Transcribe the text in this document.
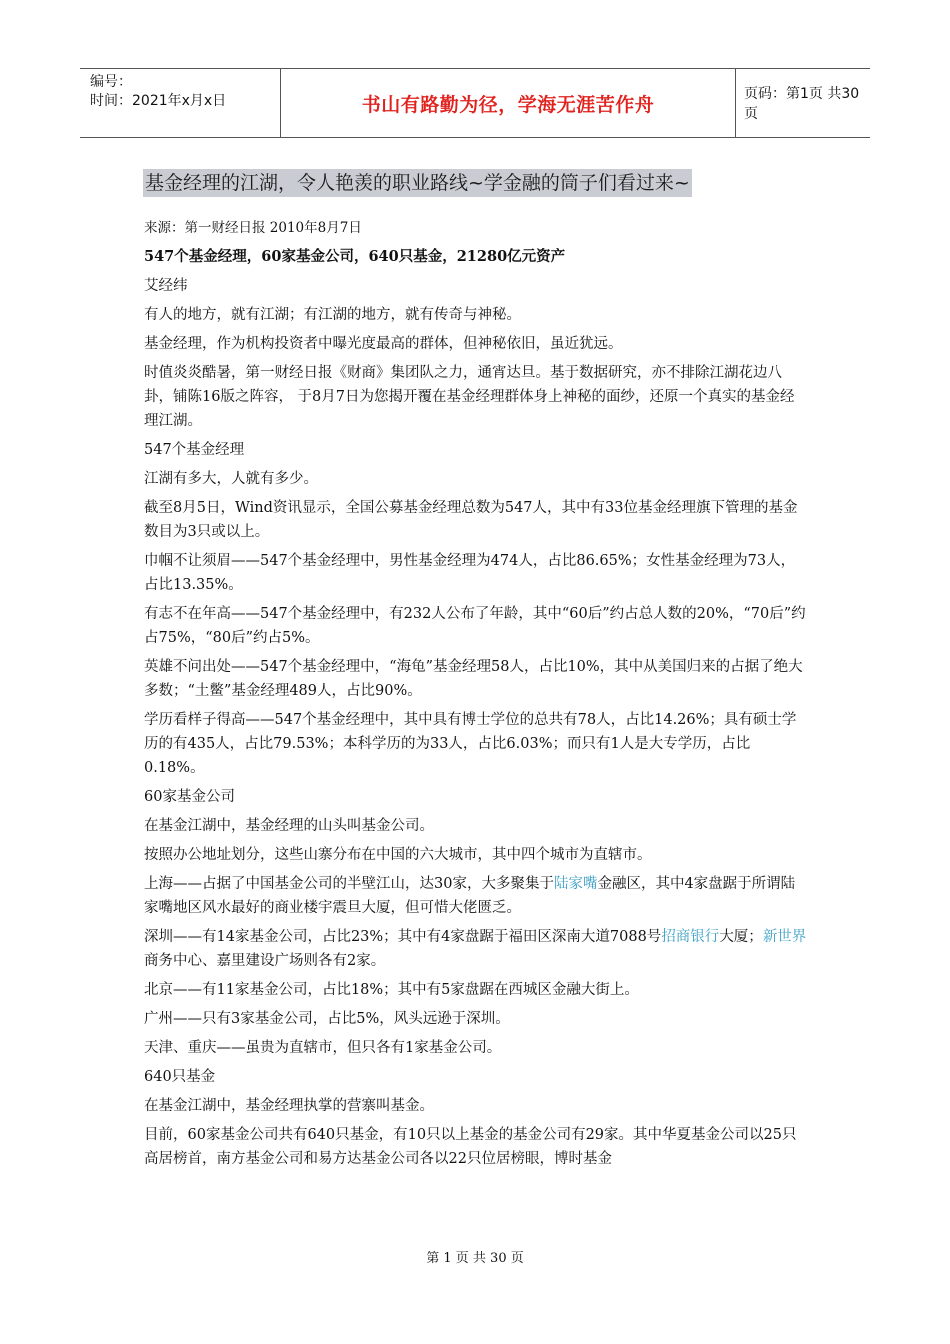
编号：
时间：2021年x月x日	书山有路勤为径，学海无涯苦作舟	页码：第1页 共30页
基金经理的江湖，令人艳羡的职业路线~学金融的筒子们看过来~

来源：第一财经日报 2010年8月7日

547个基金经理，60家基金公司，640只基金，21280亿元资产

艾经纬

有人的地方，就有江湖；有江湖的地方，就有传奇与神秘。

基金经理，作为机构投资者中曝光度最高的群体，但神秘依旧，虽近犹远。

时值炎炎酷暑，第一财经日报《财商》集团队之力，通宵达旦。基于数据研究，亦不排除江湖花边八卦，铺陈16版之阵容， 于8月7日为您揭开覆在基金经理群体身上神秘的面纱，还原一个真实的基金经理江湖。

547个基金经理

江湖有多大，人就有多少。

截至8月5日，Wind资讯显示，全国公募基金经理总数为547人，其中有33位基金经理旗下管理的基金数目为3只或以上。

巾帼不让须眉——547个基金经理中，男性基金经理为474人，占比86.65%；女性基金经理为73人，占比13.35%。

有志不在年高——547个基金经理中，有232人公布了年龄，其中“60后”约占总人数的20%，“70后”约占75%，“80后”约占5%。

英雄不问出处——547个基金经理中，“海龟”基金经理58人，占比10%，其中从美国归来的占据了绝大多数；“土鳖”基金经理489人，占比90%。

学历看样子得高——547个基金经理中，其中具有博士学位的总共有78人，占比14.26%；具有硕士学历的有435人，占比79.53%；本科学历的为33人，占比6.03%；而只有1人是大专学历，占比0.18%。

60家基金公司

在基金江湖中，基金经理的山头叫基金公司。

按照办公地址划分，这些山寨分布在中国的六大城市，其中四个城市为直辖市。

上海——占据了中国基金公司的半壁江山，达30家，大多聚集于陆家嘴金融区，其中4家盘踞于所谓陆家嘴地区风水最好的商业楼宇震旦大厦，但可惜大佬匮乏。

深圳——有14家基金公司，占比23%；其中有4家盘踞于福田区深南大道7088号招商银行大厦；新世界商务中心、嘉里建设广场则各有2家。

北京——有11家基金公司，占比18%；其中有5家盘踞在西城区金融大街上。

广州——只有3家基金公司，占比5%，风头远逊于深圳。

天津、重庆——虽贵为直辖市，但只各有1家基金公司。

640只基金

在基金江湖中，基金经理执掌的营寨叫基金。

目前，60家基金公司共有640只基金，有10只以上基金的基金公司有29家。其中华夏基金公司以25只高居榜首，南方基金公司和易方达基金公司各以22只位居榜眼，博时基金

第 1 页 共 30 页
